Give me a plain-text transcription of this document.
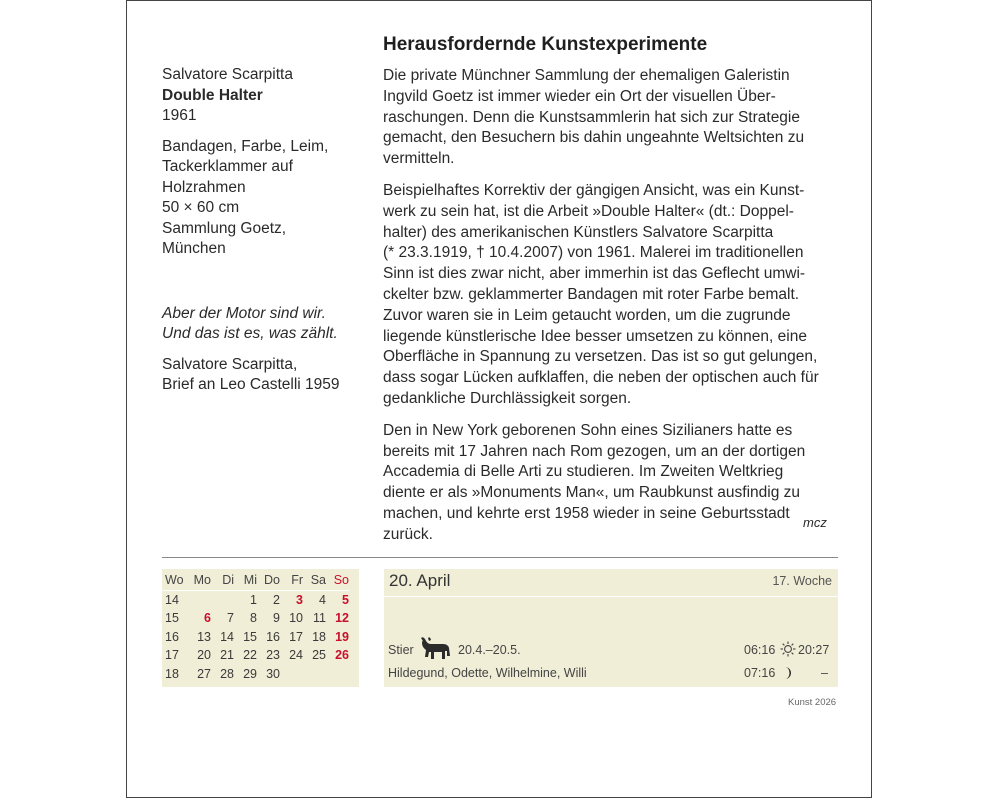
Salvatore Scarpitta

Double Halter

1961

Bandagen, Farbe, Leim,

Tackerklammer auf

Holzrahmen

50 × 60 cm

Sammlung Goetz,

München

Aber der Motor sind wir.

Und das ist es, was zählt.

Salvatore Scarpitta,

Brief an Leo Castelli 1959

Herausfordernde Kunstexperimente

Die private Münchner Sammlung der ehemaligen Galeristin
Ingvild Goetz ist immer wieder ein Ort der visuellen Über-
raschungen. Denn die Kunstsammlerin hat sich zur Strategie
gemacht, den Besuchern bis dahin ungeahnte Weltsichten zu
vermitteln.

Beispielhaftes Korrektiv der gängigen Ansicht, was ein Kunst-
werk zu sein hat, ist die Arbeit »Double Halter« (dt.: Doppel-
halter) des amerikanischen Künstlers Salvatore Scarpitta
(* 23.3.1919, † 10.4.2007) von 1961. Malerei im traditionellen
Sinn ist dies zwar nicht, aber immerhin ist das Geflecht umwi-
ckelter bzw. geklammerter Bandagen mit roter Farbe bemalt.
Zuvor waren sie in Leim getaucht worden, um die zugrunde
liegende künstlerische Idee besser umsetzen zu können, eine
Oberfläche in Spannung zu versetzen. Das ist so gut gelungen,
dass sogar Lücken aufklaffen, die neben der optischen auch für
gedankliche Durchlässigkeit sorgen.

Den in New York geborenen Sohn eines Sizilianers hatte es
bereits mit 17 Jahren nach Rom gezogen, um an der dortigen
Accademia di Belle Arti zu studieren. Im Zweiten Weltkrieg
diente er als »Monuments Man«, um Raubkunst ausfindig zu
machen, und kehrte erst 1958 wieder in seine Geburtsstadt
zurück.

mcz
Wo	Mo	Di	Mi	Do	Fr	Sa	So
14			1	2	3	4	5
15	6	7	8	9	10	11	12
16	13	14	15	16	17	18	19
17	20	21	22	23	24	25	26
18	27	28	29	30			
20. April	17. Woche
Stier	20.4.–20.5.	06:16 20:27
Hildegund, Odette, Wilhelmine, Willi	07:16	–
Kunst 2026
